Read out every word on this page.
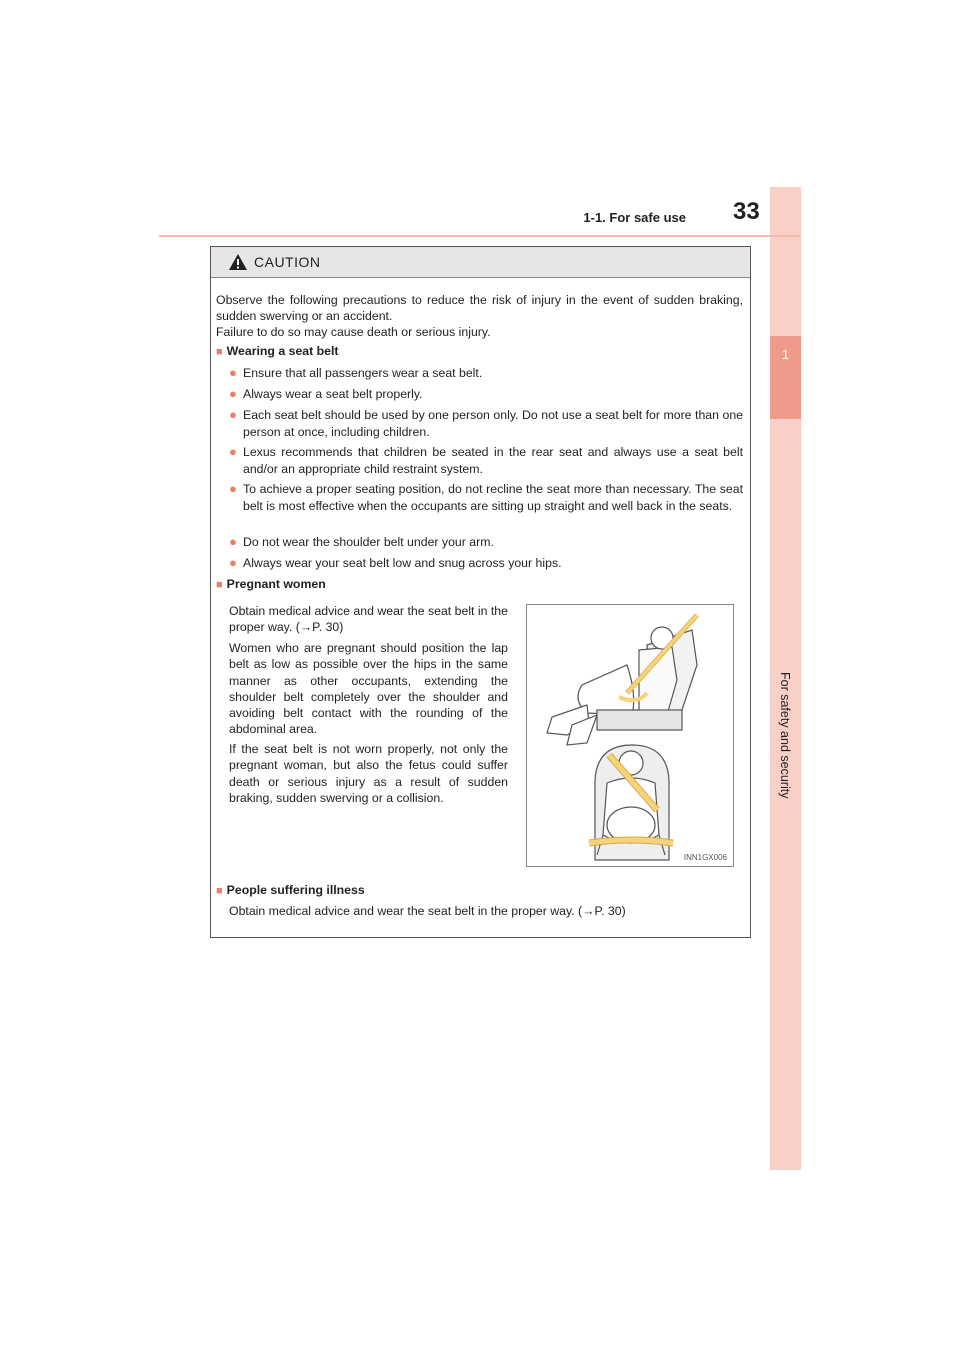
1
For safety and security
1-1. For safe use 33
CAUTION
Observe the following precautions to reduce the risk of injury in the event of sudden braking, sudden swerving or an accident.
Failure to do so may cause death or serious injury.
■ Wearing a seat belt
● Ensure that all passengers wear a seat belt.
● Always wear a seat belt properly.
● Each seat belt should be used by one person only. Do not use a seat belt for more than one person at once, including children.
● Lexus recommends that children be seated in the rear seat and always use a seat belt and/or an appropriate child restraint system.
● To achieve a proper seating position, do not recline the seat more than necessary. The seat belt is most effective when the occupants are sitting up straight and well back in the seats.
● Do not wear the shoulder belt under your arm.
● Always wear your seat belt low and snug across your hips.
■ Pregnant women
Obtain medical advice and wear the seat belt in the proper way. (→P. 30)
Women who are pregnant should position the lap belt as low as possible over the hips in the same manner as other occupants, extending the shoulder belt completely over the shoulder and avoiding belt contact with the rounding of the abdominal area.
If the seat belt is not worn properly, not only the pregnant woman, but also the fetus could suffer death or serious injury as a result of sudden braking, sudden swerving or a collision.
INN1GX006
■ People suffering illness
Obtain medical advice and wear the seat belt in the proper way. (→P. 30)
